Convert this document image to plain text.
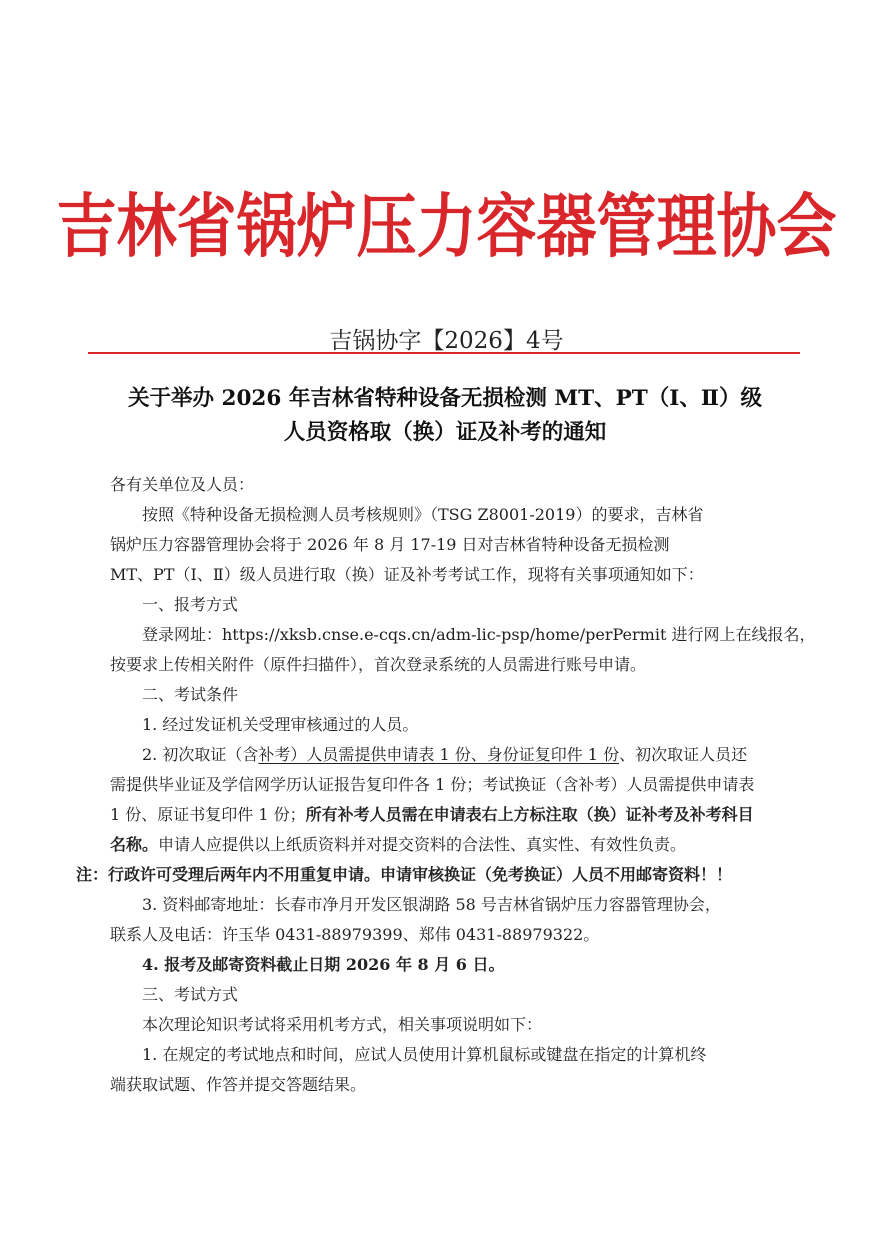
吉林省锅炉压力容器管理协会
吉锅协字【2026】4号
关于举办 2026 年吉林省特种设备无损检测 MT、PT（Ⅰ、Ⅱ）级
人员资格取（换）证及补考的通知
各有关单位及人员：
按照《特种设备无损检测人员考核规则》（TSG Z8001-2019）的要求，吉林省
锅炉压力容器管理协会将于 2026 年 8 月 17-19 日对吉林省特种设备无损检测
MT、PT（Ⅰ、Ⅱ）级人员进行取（换）证及补考考试工作，现将有关事项通知如下：
一、报考方式
登录网址：https://xksb.cnse.e-cqs.cn/adm-lic-psp/home/perPermit 进行网上在线报名，
按要求上传相关附件（原件扫描件），首次登录系统的人员需进行账号申请。
二、考试条件
1. 经过发证机关受理审核通过的人员。
2. 初次取证（含补考）人员需提供申请表 1 份、身份证复印件 1 份、初次取证人员还
需提供毕业证及学信网学历认证报告复印件各 1 份；考试换证（含补考）人员需提供申请表
1 份、原证书复印件 1 份；所有补考人员需在申请表右上方标注取（换）证补考及补考科目
名称。申请人应提供以上纸质资料并对提交资料的合法性、真实性、有效性负责。
注：行政许可受理后两年内不用重复申请。申请审核换证（免考换证）人员不用邮寄资料！！
3. 资料邮寄地址：长春市净月开发区银湖路 58 号吉林省锅炉压力容器管理协会，
联系人及电话：许玉华 0431-88979399、郑伟 0431-88979322。
4. 报考及邮寄资料截止日期 2026 年 8 月 6 日。
三、考试方式
本次理论知识考试将采用机考方式，相关事项说明如下：
1. 在规定的考试地点和时间，应试人员使用计算机鼠标或键盘在指定的计算机终
端获取试题、作答并提交答题结果。
